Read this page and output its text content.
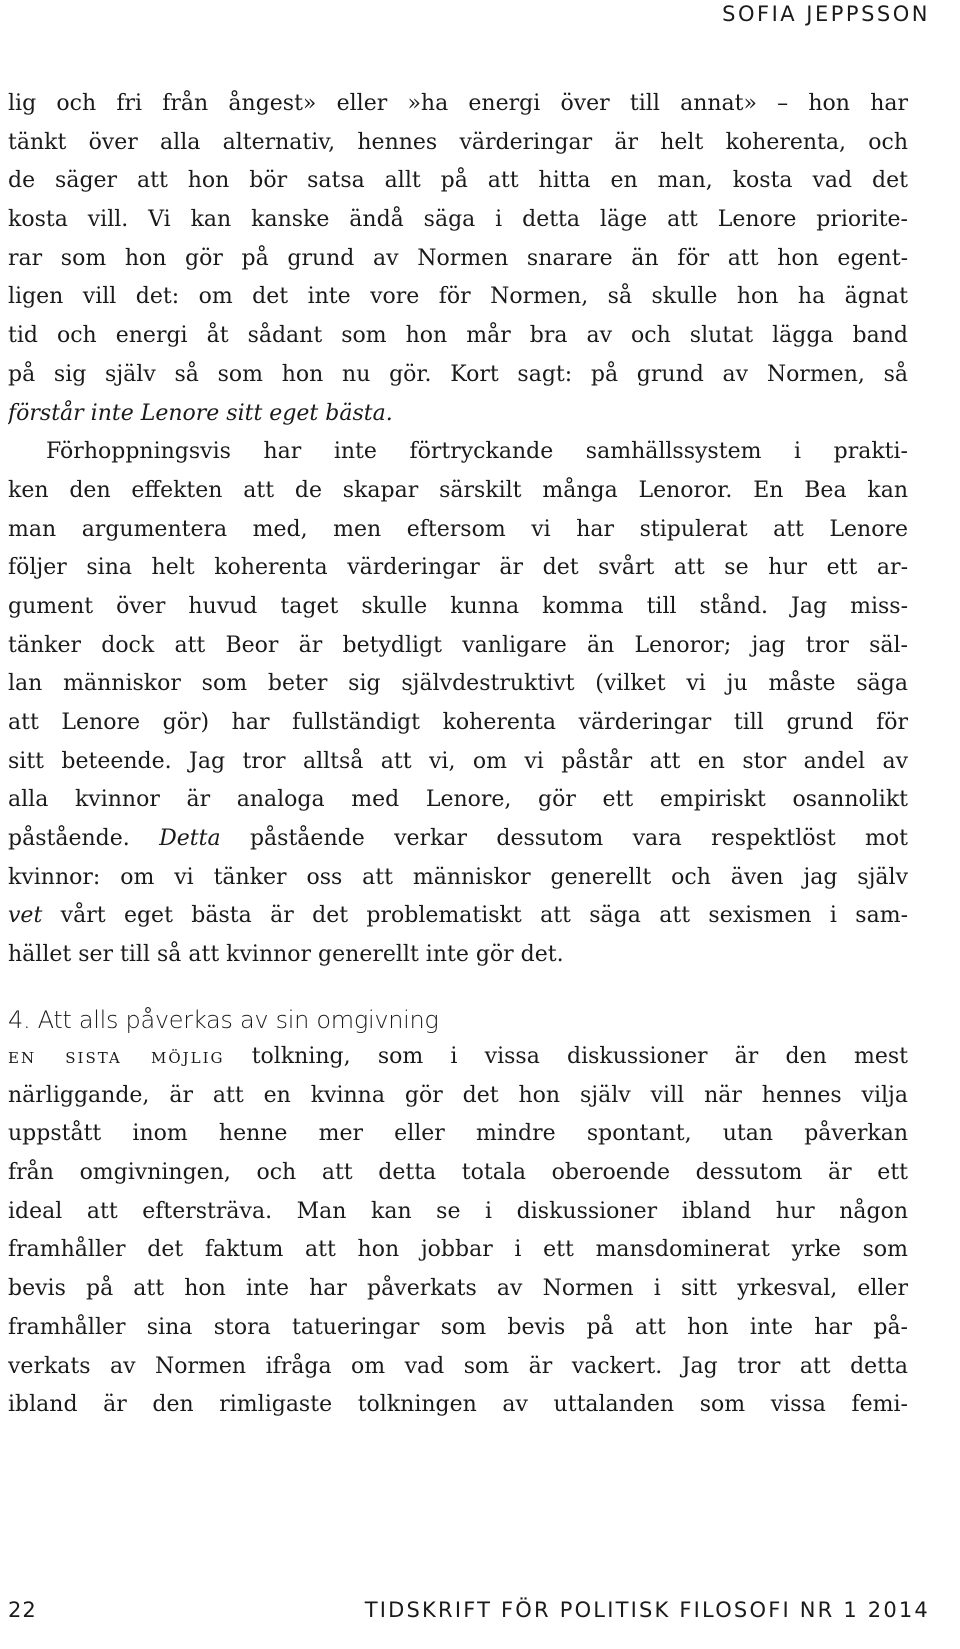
SOFIA JEPPSSON
lig och fri från ångest» eller »ha energi över till annat» – hon har
tänkt över alla alternativ, hennes värderingar är helt koherenta, och
de säger att hon bör satsa allt på att hitta en man, kosta vad det
kosta vill. Vi kan kanske ändå säga i detta läge att Lenore priorite-
rar som hon gör på grund av Normen snarare än för att hon egent-
ligen vill det: om det inte vore för Normen, så skulle hon ha ägnat
tid och energi åt sådant som hon mår bra av och slutat lägga band
på sig själv så som hon nu gör. Kort sagt: på grund av Normen, så
förstår inte Lenore sitt eget bästa.
Förhoppningsvis har inte förtryckande samhällssystem i prakti-
ken den effekten att de skapar särskilt många Lenoror. En Bea kan
man argumentera med, men eftersom vi har stipulerat att Lenore
följer sina helt koherenta värderingar är det svårt att se hur ett ar-
gument över huvud taget skulle kunna komma till stånd. Jag miss-
tänker dock att Beor är betydligt vanligare än Lenoror; jag tror säl-
lan människor som beter sig självdestruktivt (vilket vi ju måste säga
att Lenore gör) har fullständigt koherenta värderingar till grund för
sitt beteende. Jag tror alltså att vi, om vi påstår att en stor andel av
alla kvinnor är analoga med Lenore, gör ett empiriskt osannolikt
påstående. Detta påstående verkar dessutom vara respektlöst mot
kvinnor: om vi tänker oss att människor generellt och även jag själv
vet vårt eget bästa är det problematiskt att säga att sexismen i sam-
hället ser till så att kvinnor generellt inte gör det.
4. Att alls påverkas av sin omgivning
en sista möjlig tolkning, som i vissa diskussioner är den mest
närliggande, är att en kvinna gör det hon själv vill när hennes vilja
uppstått inom henne mer eller mindre spontant, utan påverkan
från omgivningen, och att detta totala oberoende dessutom är ett
ideal att eftersträva. Man kan se i diskussioner ibland hur någon
framhåller det faktum att hon jobbar i ett mansdominerat yrke som
bevis på att hon inte har påverkats av Normen i sitt yrkesval, eller
framhåller sina stora tatueringar som bevis på att hon inte har på-
verkats av Normen ifråga om vad som är vackert. Jag tror att detta
ibland är den rimligaste tolkningen av uttalanden som vissa femi-
22	TIDSKRIFT FÖR POLITISK FILOSOFI NR 1 2014
